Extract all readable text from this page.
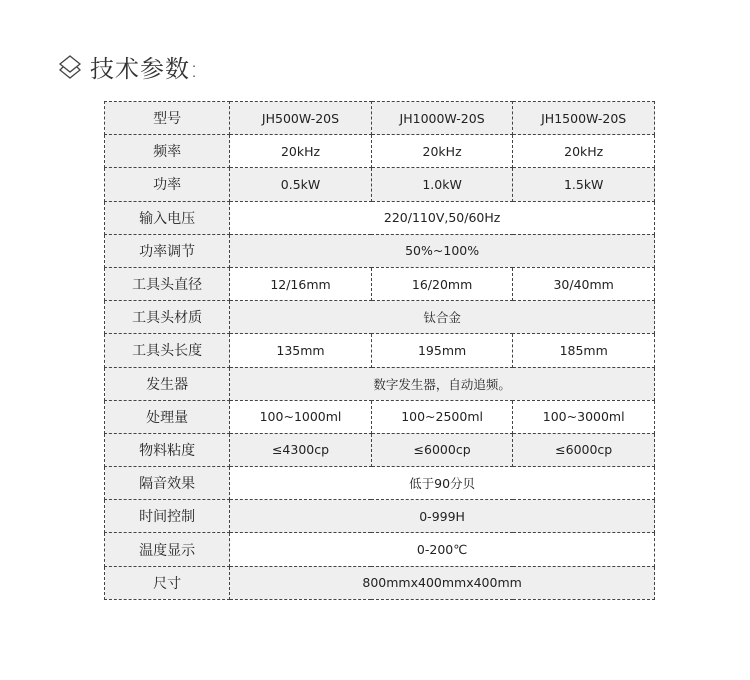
技术参数:
型号	JH500W-20S	JH1000W-20S	JH1500W-20S
频率	20kHz	20kHz	20kHz
功率	0.5kW	1.0kW	1.5kW
输入电压	220/110V,50/60Hz		
功率调节	50%~100%		
工具头直径	12/16mm	16/20mm	30/40mm
工具头材质	钛合金		
工具头长度	135mm	195mm	185mm
发生器	数字发生器，自动追频。		
处理量	100~1000ml	100~2500ml	100~3000ml
物料粘度	≤4300cp	≤6000cp	≤6000cp
隔音效果	低于90分贝		
时间控制	0-999H		
温度显示	0-200℃		
尺寸	800mmx400mmx400mm		
